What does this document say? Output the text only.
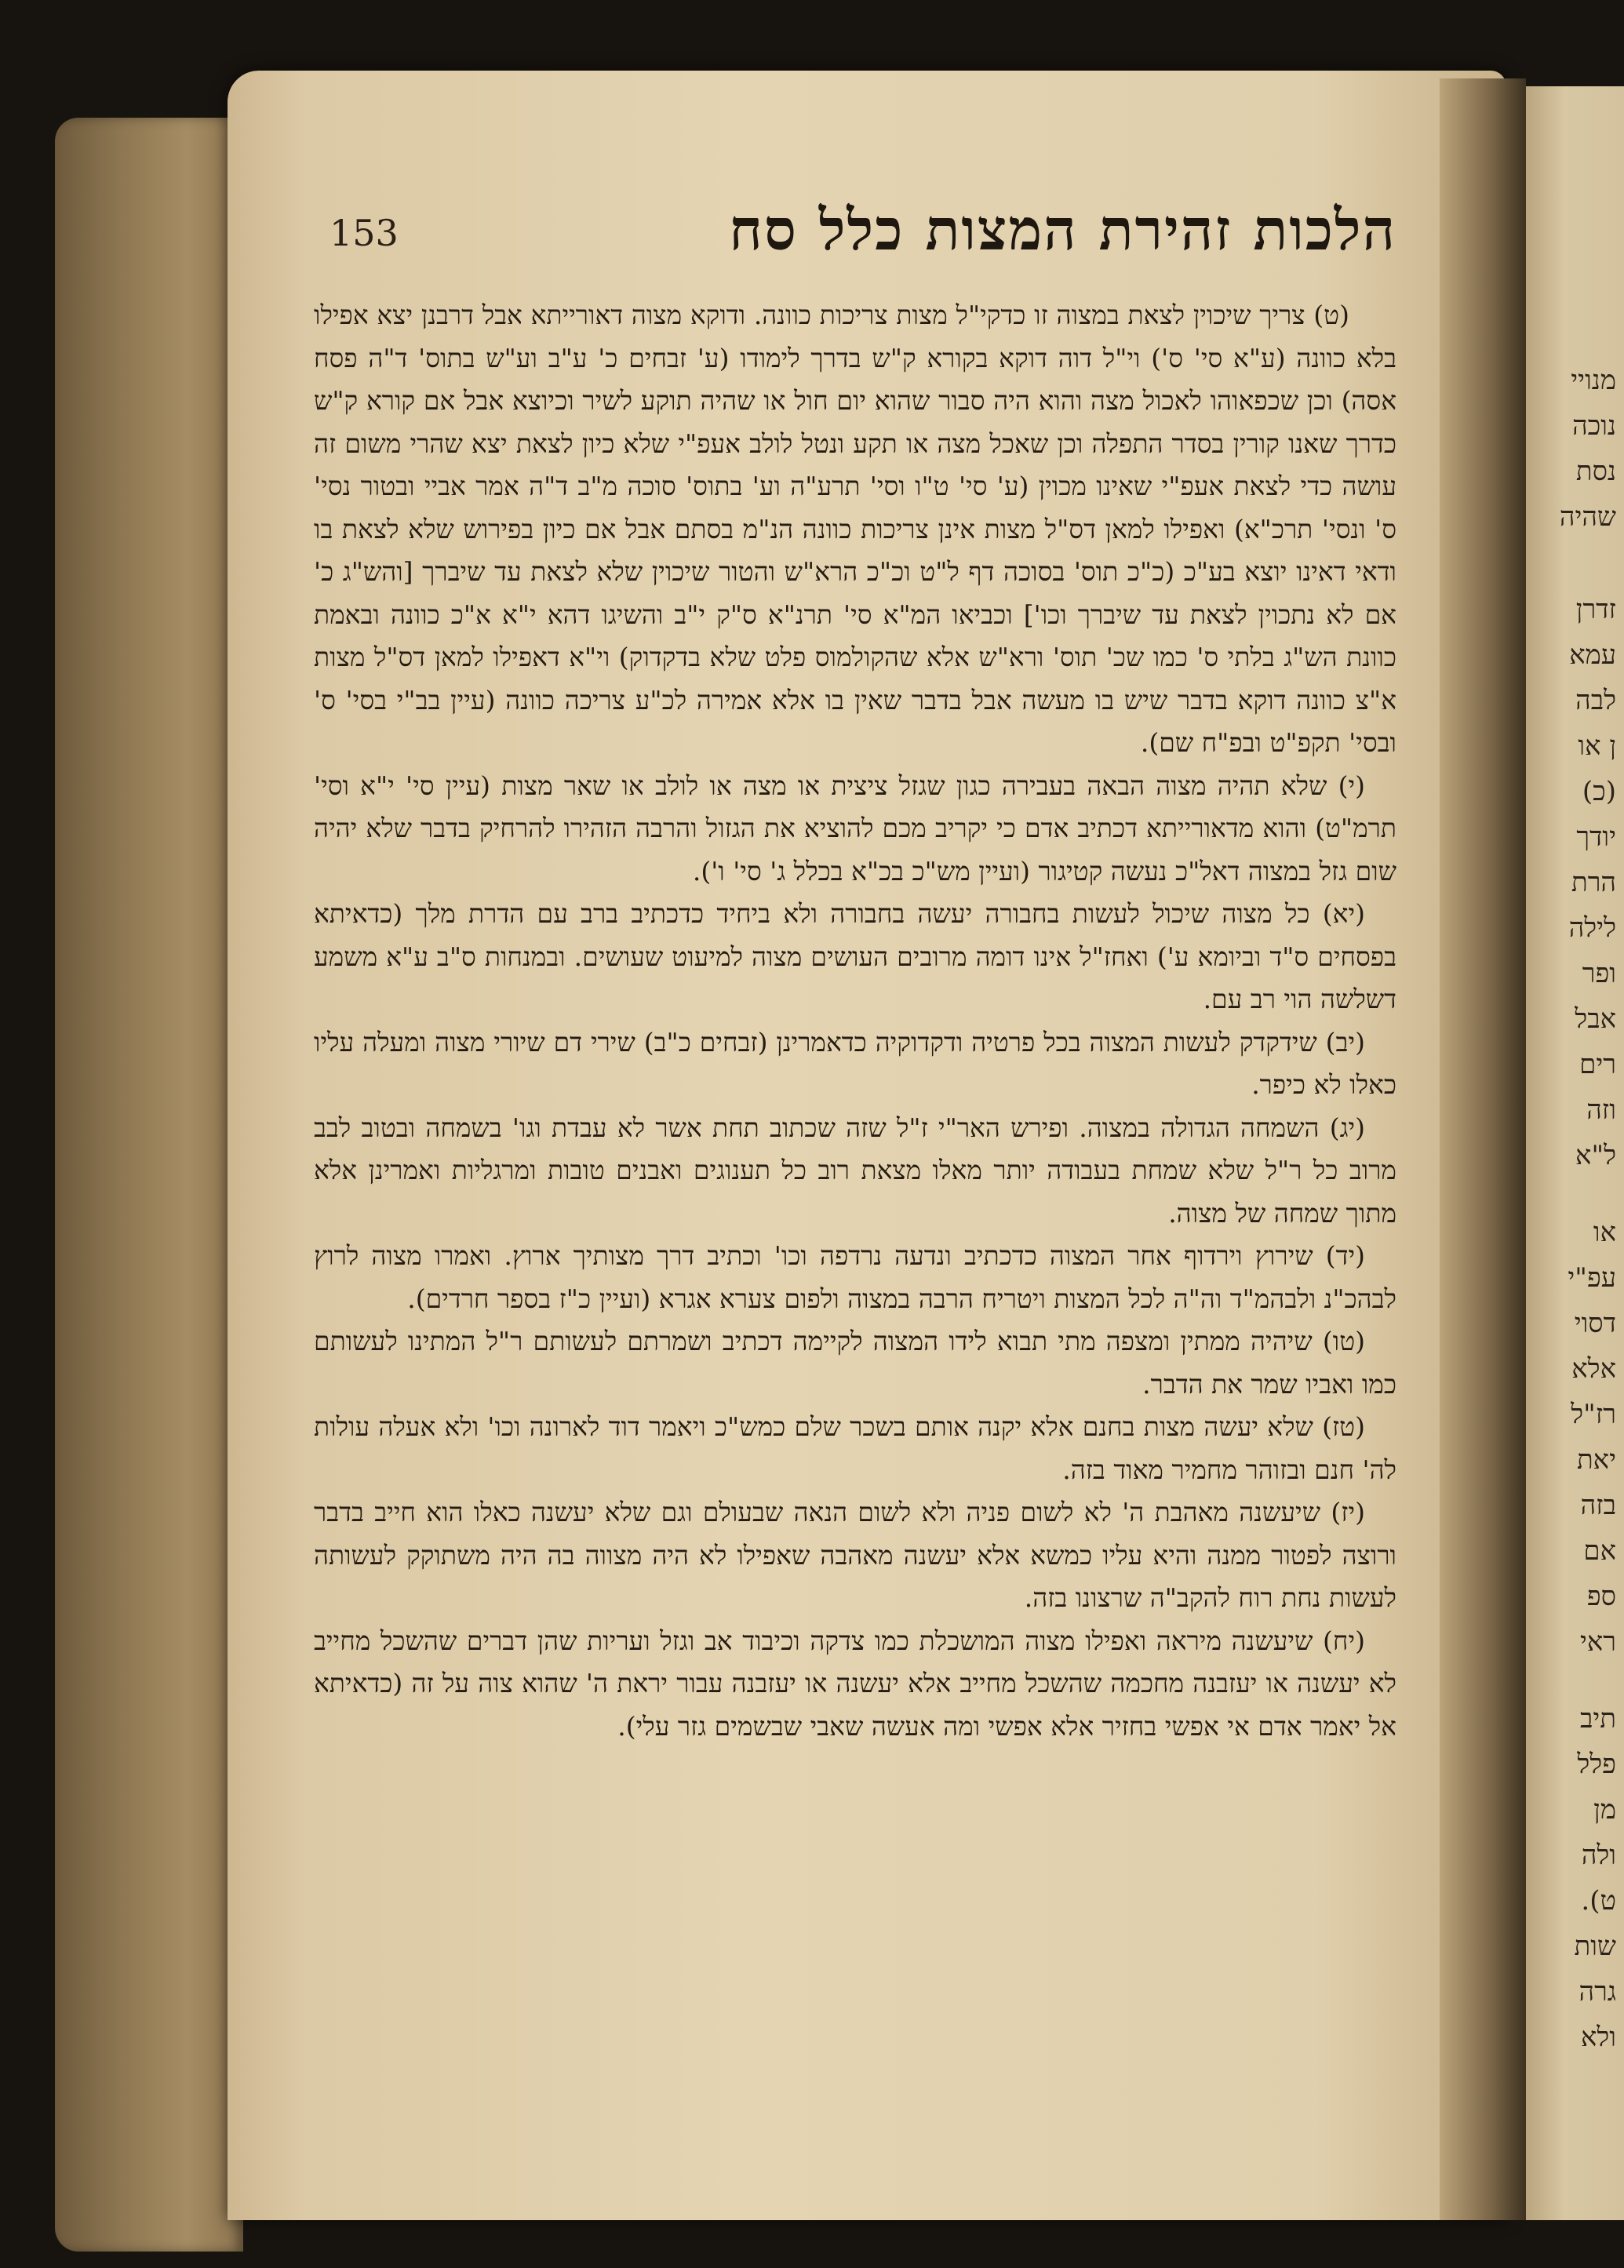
מנויי
נוכה
נסת
שהיה
זדרן
עמא
לבה
ן או
(כ)
יודך
הרת
לילה
ופר
אבל
רים
וזה
ל"א
או
עפ"י
דסוי
אלא
רז"ל
יאת
בזה
אם
ספ
ראי
תיב
פלל
מן
ולה
ט).
שות
גרה
ולא
153	הלכות זהירת המצות כלל סח

(ט) צריך שיכוין לצאת במצוה זו כדקי"ל מצות צריכות כוונה. ודוקא מצוה דאורייתא אבל דרבנן יצא אפילו בלא כוונה (ע"א סי' ס') וי"ל דוה דוקא בקורא ק"ש בדרך לימודו (ע' זבחים כ' ע"ב וע"ש בתוס' ד"ה פסח אסה) וכן שכפאוהו לאכול מצה והוא היה סבור שהוא יום חול או שהיה תוקע לשיר וכיוצא אבל אם קורא ק"ש כדרך שאנו קורין בסדר התפלה וכן שאכל מצה או תקע ונטל לולב אעפ"י שלא כיון לצאת יצא שהרי משום זה עושה כדי לצאת אעפ"י שאינו מכוין (ע' סי' ט"ו וסי' תרע"ה וע' בתוס' סוכה מ"ב ד"ה אמר אביי ובטור נסי' ס' ונסי' תרכ"א) ואפילו למאן דס"ל מצות אינן צריכות כוונה הנ"מ בסתם אבל אם כיון בפירוש שלא לצאת בו ודאי דאינו יוצא בע"כ (כ"כ תוס' בסוכה דף ל"ט וכ"כ הרא"ש והטור שיכוין שלא לצאת עד שיברך [והש"ג כ' אם לא נתכוין לצאת עד שיברך וכו'] וכביאו המ"א סי' תרנ"א ס"ק י"ב והשיגו דהא י"א א"כ כוונה ובאמת כוונת הש"ג בלתי ס' כמו שכ' תוס' ורא"ש אלא שהקולמוס פלט שלא בדקדוק) וי"א דאפילו למאן דס"ל מצות א"צ כוונה דוקא בדבר שיש בו מעשה אבל בדבר שאין בו אלא אמירה לכ"ע צריכה כוונה (עיין בב"י בסי' ס' ובסי' תקפ"ט ובפ"ח שם).

(י) שלא תהיה מצוה הבאה בעבירה כגון שגזל ציצית או מצה או לולב או שאר מצות (עיין סי' י"א וסי' תרמ"ט) והוא מדאורייתא דכתיב אדם כי יקריב מכם להוציא את הגזול והרבה הזהירו להרחיק בדבר שלא יהיה שום גזל במצוה דאל"כ נעשה קטיגור (ועיין מש"כ בכ"א בכלל ג' סי' ו').

(יא) כל מצוה שיכול לעשות בחבורה יעשה בחבורה ולא ביחיד כדכתיב ברב עם הדרת מלך (כדאיתא בפסחים ס"ד וביומא ע') ואחז"ל אינו דומה מרובים העושים מצוה למיעוט שעושים. ובמנחות ס"ב ע"א משמע דשלשה הוי רב עם.

(יב) שידקדק לעשות המצוה בכל פרטיה ודקדוקיה כדאמרינן (זבחים כ"ב) שירי דם שיורי מצוה ומעלה עליו כאלו לא כיפר.

(יג) השמחה הגדולה במצוה. ופירש האר"י ז"ל שזה שכתוב תחת אשר לא עבדת וגו' בשמחה ובטוב לבב מרוב כל ר"ל שלא שמחת בעבודה יותר מאלו מצאת רוב כל תענוגים ואבנים טובות ומרגליות ואמרינן אלא מתוך שמחה של מצוה.

(יד) שירוץ וירדוף אחר המצוה כדכתיב ונדעה נרדפה וכו' וכתיב דרך מצותיך ארוץ. ואמרו מצוה לרוץ לבהכ"נ ולבהמ"ד וה"ה לכל המצות ויטריח הרבה במצוה ולפום צערא אגרא (ועיין כ"ז בספר חרדים).

(טו) שיהיה ממתין ומצפה מתי תבוא לידו המצוה לקיימה דכתיב ושמרתם לעשותם ר"ל המתינו לעשותם כמו ואביו שמר את הדבר.

(טז) שלא יעשה מצות בחנם אלא יקנה אותם בשכר שלם כמש"כ ויאמר דוד לארונה וכו' ולא אעלה עולות לה' חנם ובזוהר מחמיר מאוד בזה.

(יז) שיעשנה מאהבת ה' לא לשום פניה ולא לשום הנאה שבעולם וגם שלא יעשנה כאלו הוא חייב בדבר ורוצה לפטור ממנה והיא עליו כמשא אלא יעשנה מאהבה שאפילו לא היה מצווה בה היה משתוקק לעשותה לעשות נחת רוח להקב"ה שרצונו בזה.

(יח) שיעשנה מיראה ואפילו מצוה המושכלת כמו צדקה וכיבוד אב וגזל ועריות שהן דברים שהשכל מחייב לא יעשנה או יעזבנה מחכמה שהשכל מחייב אלא יעשנה או יעזבנה עבור יראת ה' שהוא צוה על זה (כדאיתא אל יאמר אדם אי אפשי בחזיר אלא אפשי ומה אעשה שאבי שבשמים גזר עלי).
